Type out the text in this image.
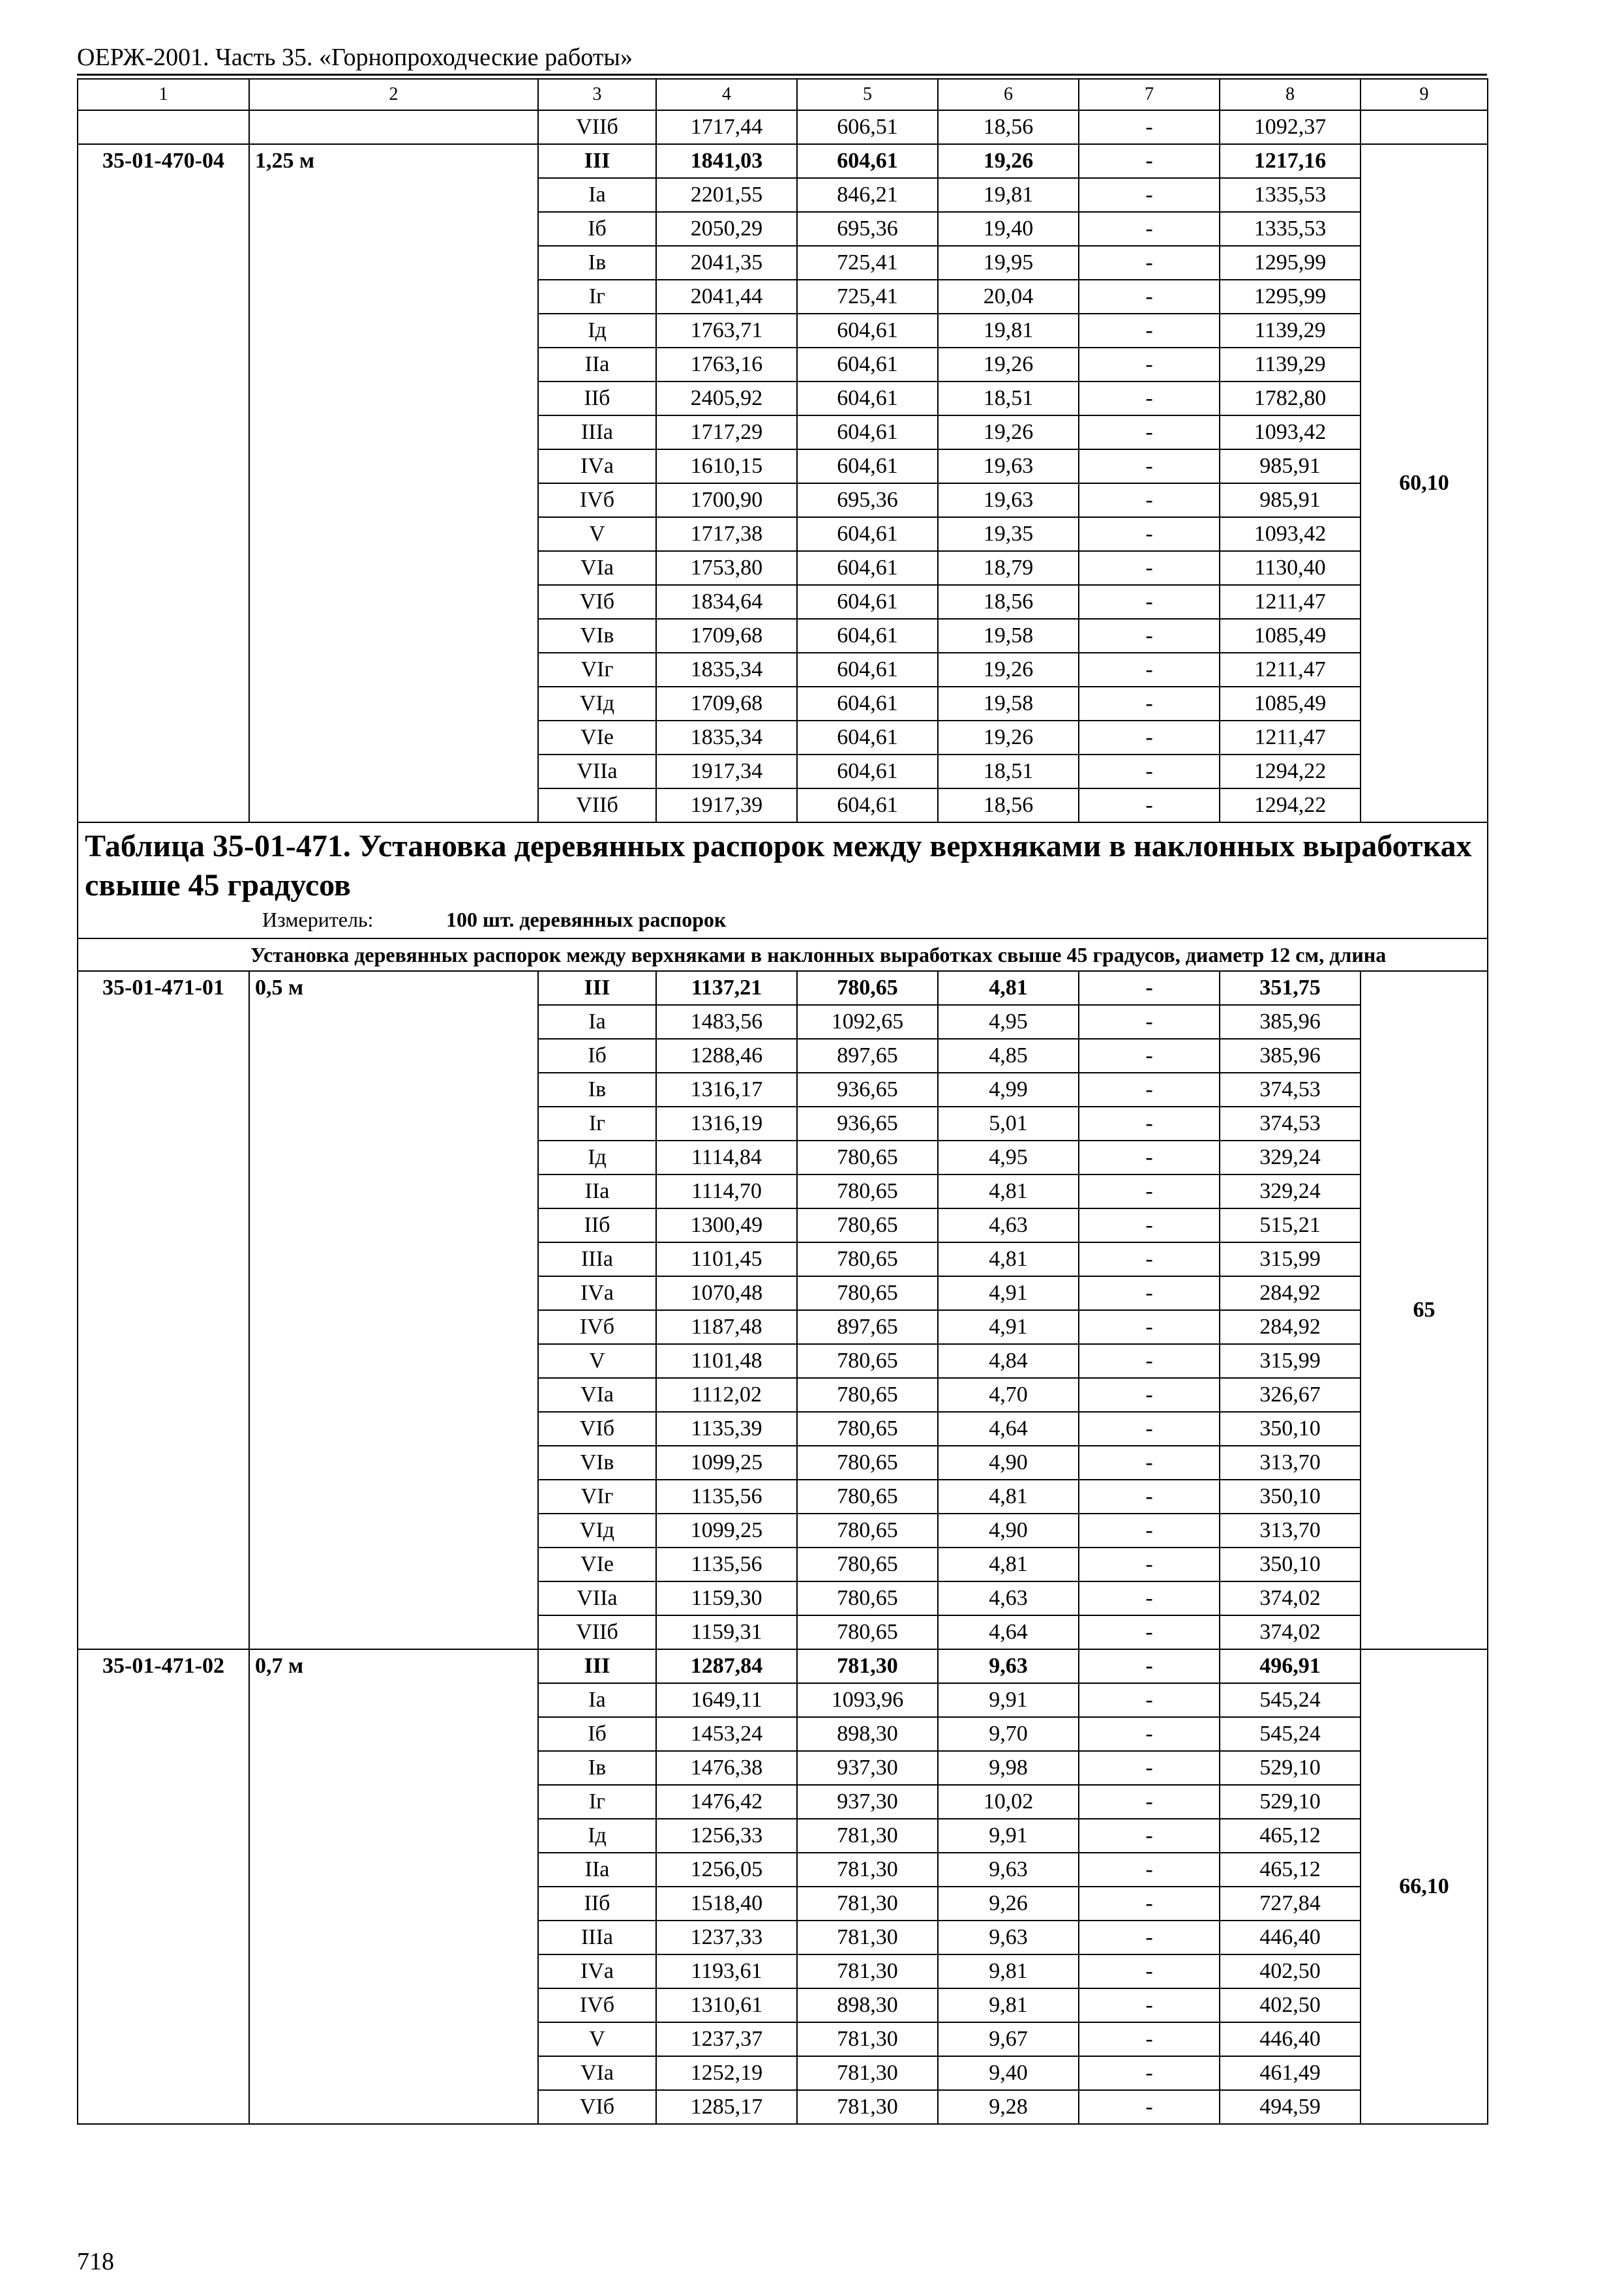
ОЕРЖ-2001. Часть 35. «Горнопроходческие работы»
1	2	3	4	5	6	7	8	9
		VIIб	1717,44	606,51	18,56	-	1092,37	
35-01-470-04	1,25 м	III	1841,03	604,61	19,26	-	1217,16	60,10
		Iа	2201,55	846,21	19,81	-	1335,53	
		Iб	2050,29	695,36	19,40	-	1335,53	
		Iв	2041,35	725,41	19,95	-	1295,99	
		Iг	2041,44	725,41	20,04	-	1295,99	
		Iд	1763,71	604,61	19,81	-	1139,29	
		IIа	1763,16	604,61	19,26	-	1139,29	
		IIб	2405,92	604,61	18,51	-	1782,80	
		IIIа	1717,29	604,61	19,26	-	1093,42	
		IVа	1610,15	604,61	19,63	-	985,91	
		IVб	1700,90	695,36	19,63	-	985,91	
		V	1717,38	604,61	19,35	-	1093,42	
		VIа	1753,80	604,61	18,79	-	1130,40	
		VIб	1834,64	604,61	18,56	-	1211,47	
		VIв	1709,68	604,61	19,58	-	1085,49	
		VIг	1835,34	604,61	19,26	-	1211,47	
		VIд	1709,68	604,61	19,58	-	1085,49	
		VIе	1835,34	604,61	19,26	-	1211,47	
		VIIа	1917,34	604,61	18,51	-	1294,22	
		VIIб	1917,39	604,61	18,56	-	1294,22	

Таблица 35-01-471. Установка деревянных распорок между верхняками в наклонных выработках свыше 45 градусов
Измеритель: 100 шт. деревянных распорок								

Установка деревянных распорок между верхняками в наклонных выработках свыше 45 градусов, диаметр 12 см, длина								

35-01-471-01	0,5 м	III	1137,21	780,65	4,81	-	351,75	65
		Iа	1483,56	1092,65	4,95	-	385,96	
		Iб	1288,46	897,65	4,85	-	385,96	
		Iв	1316,17	936,65	4,99	-	374,53	
		Iг	1316,19	936,65	5,01	-	374,53	
		Iд	1114,84	780,65	4,95	-	329,24	
		IIа	1114,70	780,65	4,81	-	329,24	
		IIб	1300,49	780,65	4,63	-	515,21	
		IIIа	1101,45	780,65	4,81	-	315,99	
		IVа	1070,48	780,65	4,91	-	284,92	
		IVб	1187,48	897,65	4,91	-	284,92	
		V	1101,48	780,65	4,84	-	315,99	
		VIа	1112,02	780,65	4,70	-	326,67	
		VIб	1135,39	780,65	4,64	-	350,10	
		VIв	1099,25	780,65	4,90	-	313,70	
		VIг	1135,56	780,65	4,81	-	350,10	
		VIд	1099,25	780,65	4,90	-	313,70	
		VIе	1135,56	780,65	4,81	-	350,10	
		VIIа	1159,30	780,65	4,63	-	374,02	
		VIIб	1159,31	780,65	4,64	-	374,02	
35-01-471-02	0,7 м	III	1287,84	781,30	9,63	-	496,91	66,10
		Iа	1649,11	1093,96	9,91	-	545,24	
		Iб	1453,24	898,30	9,70	-	545,24	
		Iв	1476,38	937,30	9,98	-	529,10	
		Iг	1476,42	937,30	10,02	-	529,10	
		Iд	1256,33	781,30	9,91	-	465,12	
		IIа	1256,05	781,30	9,63	-	465,12	
		IIб	1518,40	781,30	9,26	-	727,84	
		IIIа	1237,33	781,30	9,63	-	446,40	
		IVа	1193,61	781,30	9,81	-	402,50	
		IVб	1310,61	898,30	9,81	-	402,50	
		V	1237,37	781,30	9,67	-	446,40	
		VIа	1252,19	781,30	9,40	-	461,49	
		VIб	1285,17	781,30	9,28	-	494,59	
718
